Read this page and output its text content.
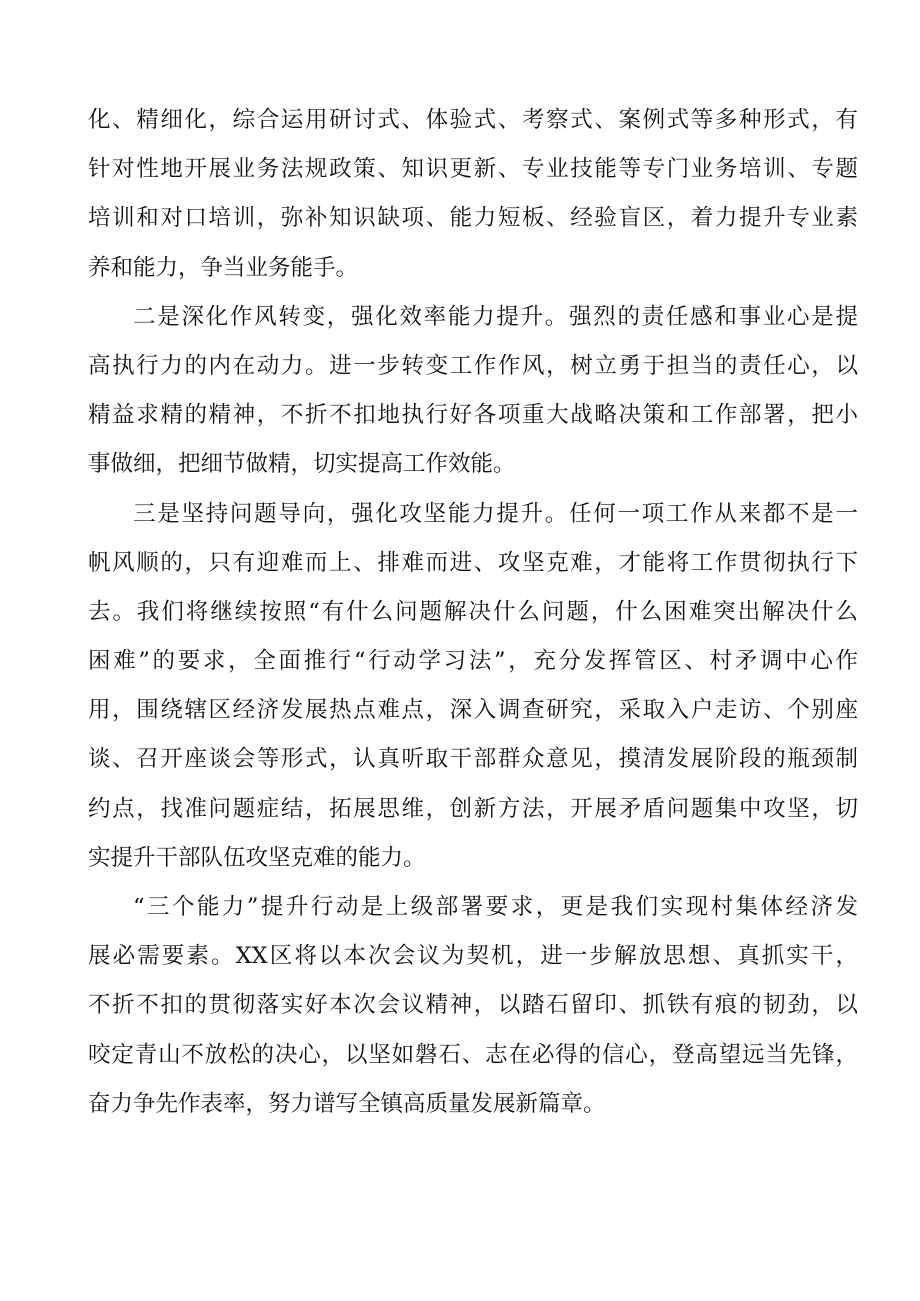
化、精细化，综合运用研讨式、体验式、考察式、案例式等多种形式，有
针对性地开展业务法规政策、知识更新、专业技能等专门业务培训、专题
培训和对口培训，弥补知识缺项、能力短板、经验盲区，着力提升专业素
养和能力，争当业务能手。
二是深化作风转变，强化效率能力提升。强烈的责任感和事业心是提
高执行力的内在动力。进一步转变工作作风，树立勇于担当的责任心，以
精益求精的精神，不折不扣地执行好各项重大战略决策和工作部署，把小
事做细，把细节做精，切实提高工作效能。
三是坚持问题导向，强化攻坚能力提升。任何一项工作从来都不是一
帆风顺的，只有迎难而上、排难而进、攻坚克难，才能将工作贯彻执行下
去。我们将继续按照“有什么问题解决什么问题，什么困难突出解决什么
困难”的要求，全面推行“行动学习法”，充分发挥管区、村矛调中心作
用，围绕辖区经济发展热点难点，深入调查研究，采取入户走访、个别座
谈、召开座谈会等形式，认真听取干部群众意见，摸清发展阶段的瓶颈制
约点，找准问题症结，拓展思维，创新方法，开展矛盾问题集中攻坚，切
实提升干部队伍攻坚克难的能力。
“三个能力”提升行动是上级部署要求，更是我们实现村集体经济发
展必需要素。XX区将以本次会议为契机，进一步解放思想、真抓实干，
不折不扣的贯彻落实好本次会议精神，以踏石留印、抓铁有痕的韧劲，以
咬定青山不放松的决心，以坚如磐石、志在必得的信心，登高望远当先锋，
奋力争先作表率，努力谱写全镇高质量发展新篇章。
